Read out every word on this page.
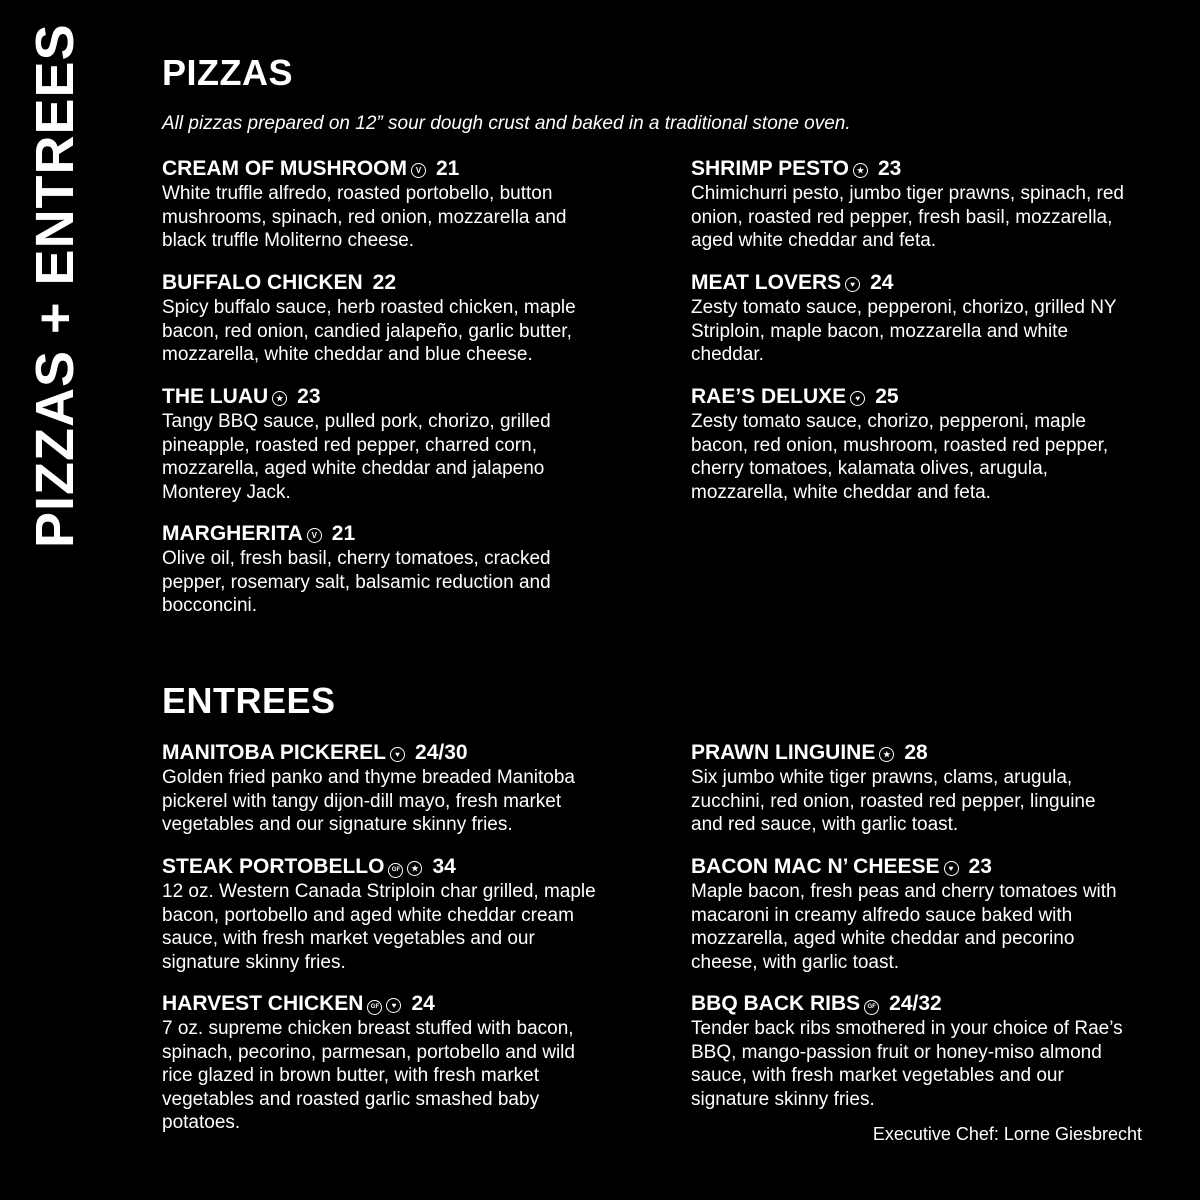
PIZZAS + ENTREES PIZZAS

All pizzas prepared on 12” sour dough crust and baked in a traditional stone oven.

CREAM OF MUSHROOM V 21

White truffle alfredo, roasted portobello, button mushrooms, spinach, red onion, mozzarella and black truffle Moliterno cheese.

BUFFALO CHICKEN 22

Spicy buffalo sauce, herb roasted chicken, maple bacon, red onion, candied jalapeño, garlic butter, mozzarella, white cheddar and blue cheese.

THE LUAU ★ 23

Tangy BBQ sauce, pulled pork, chorizo, grilled pineapple, roasted red pepper, charred corn, mozzarella, aged white cheddar and jalapeno Monterey Jack.

MARGHERITA V 21

Olive oil, fresh basil, cherry tomatoes, cracked pepper, rosemary salt, balsamic reduction and bocconcini.

SHRIMP PESTO ★ 23

Chimichurri pesto, jumbo tiger prawns, spinach, red onion, roasted red pepper, fresh basil, mozzarella, aged white cheddar and feta.

MEAT LOVERS ♥ 24

Zesty tomato sauce, pepperoni, chorizo, grilled NY Striploin, maple bacon, mozzarella and white cheddar.

RAE’S DELUXE ♥ 25

Zesty tomato sauce, chorizo, pepperoni, maple bacon, red onion, mushroom, roasted red pepper, cherry tomatoes, kalamata olives, arugula, mozzarella, white cheddar and feta.

ENTREES
MANITOBA PICKEREL ♥ 24/30

Golden fried panko and thyme breaded Manitoba pickerel with tangy dijon-dill mayo, fresh market vegetables and our signature skinny fries.

STEAK PORTOBELLO GF ★ 34

12 oz. Western Canada Striploin char grilled, maple bacon, portobello and aged white cheddar cream sauce, with fresh market vegetables and our signature skinny fries.

HARVEST CHICKEN GF ♥ 24

7 oz. supreme chicken breast stuffed with bacon, spinach, pecorino, parmesan, portobello and wild rice glazed in brown butter, with fresh market vegetables and roasted garlic smashed baby potatoes.

PRAWN LINGUINE ★ 28

Six jumbo white tiger prawns, clams, arugula, zucchini, red onion, roasted red pepper, linguine and red sauce, with garlic toast.

BACON MAC N’ CHEESE ♥ 23

Maple bacon, fresh peas and cherry tomatoes with macaroni in creamy alfredo sauce baked with mozzarella, aged white cheddar and pecorino cheese, with garlic toast.

BBQ BACK RIBS GF 24/32

Tender back ribs smothered in your choice of Rae’s BBQ, mango-passion fruit or honey-miso almond sauce, with fresh market vegetables and our signature skinny fries.

Executive Chef: Lorne Giesbrecht
